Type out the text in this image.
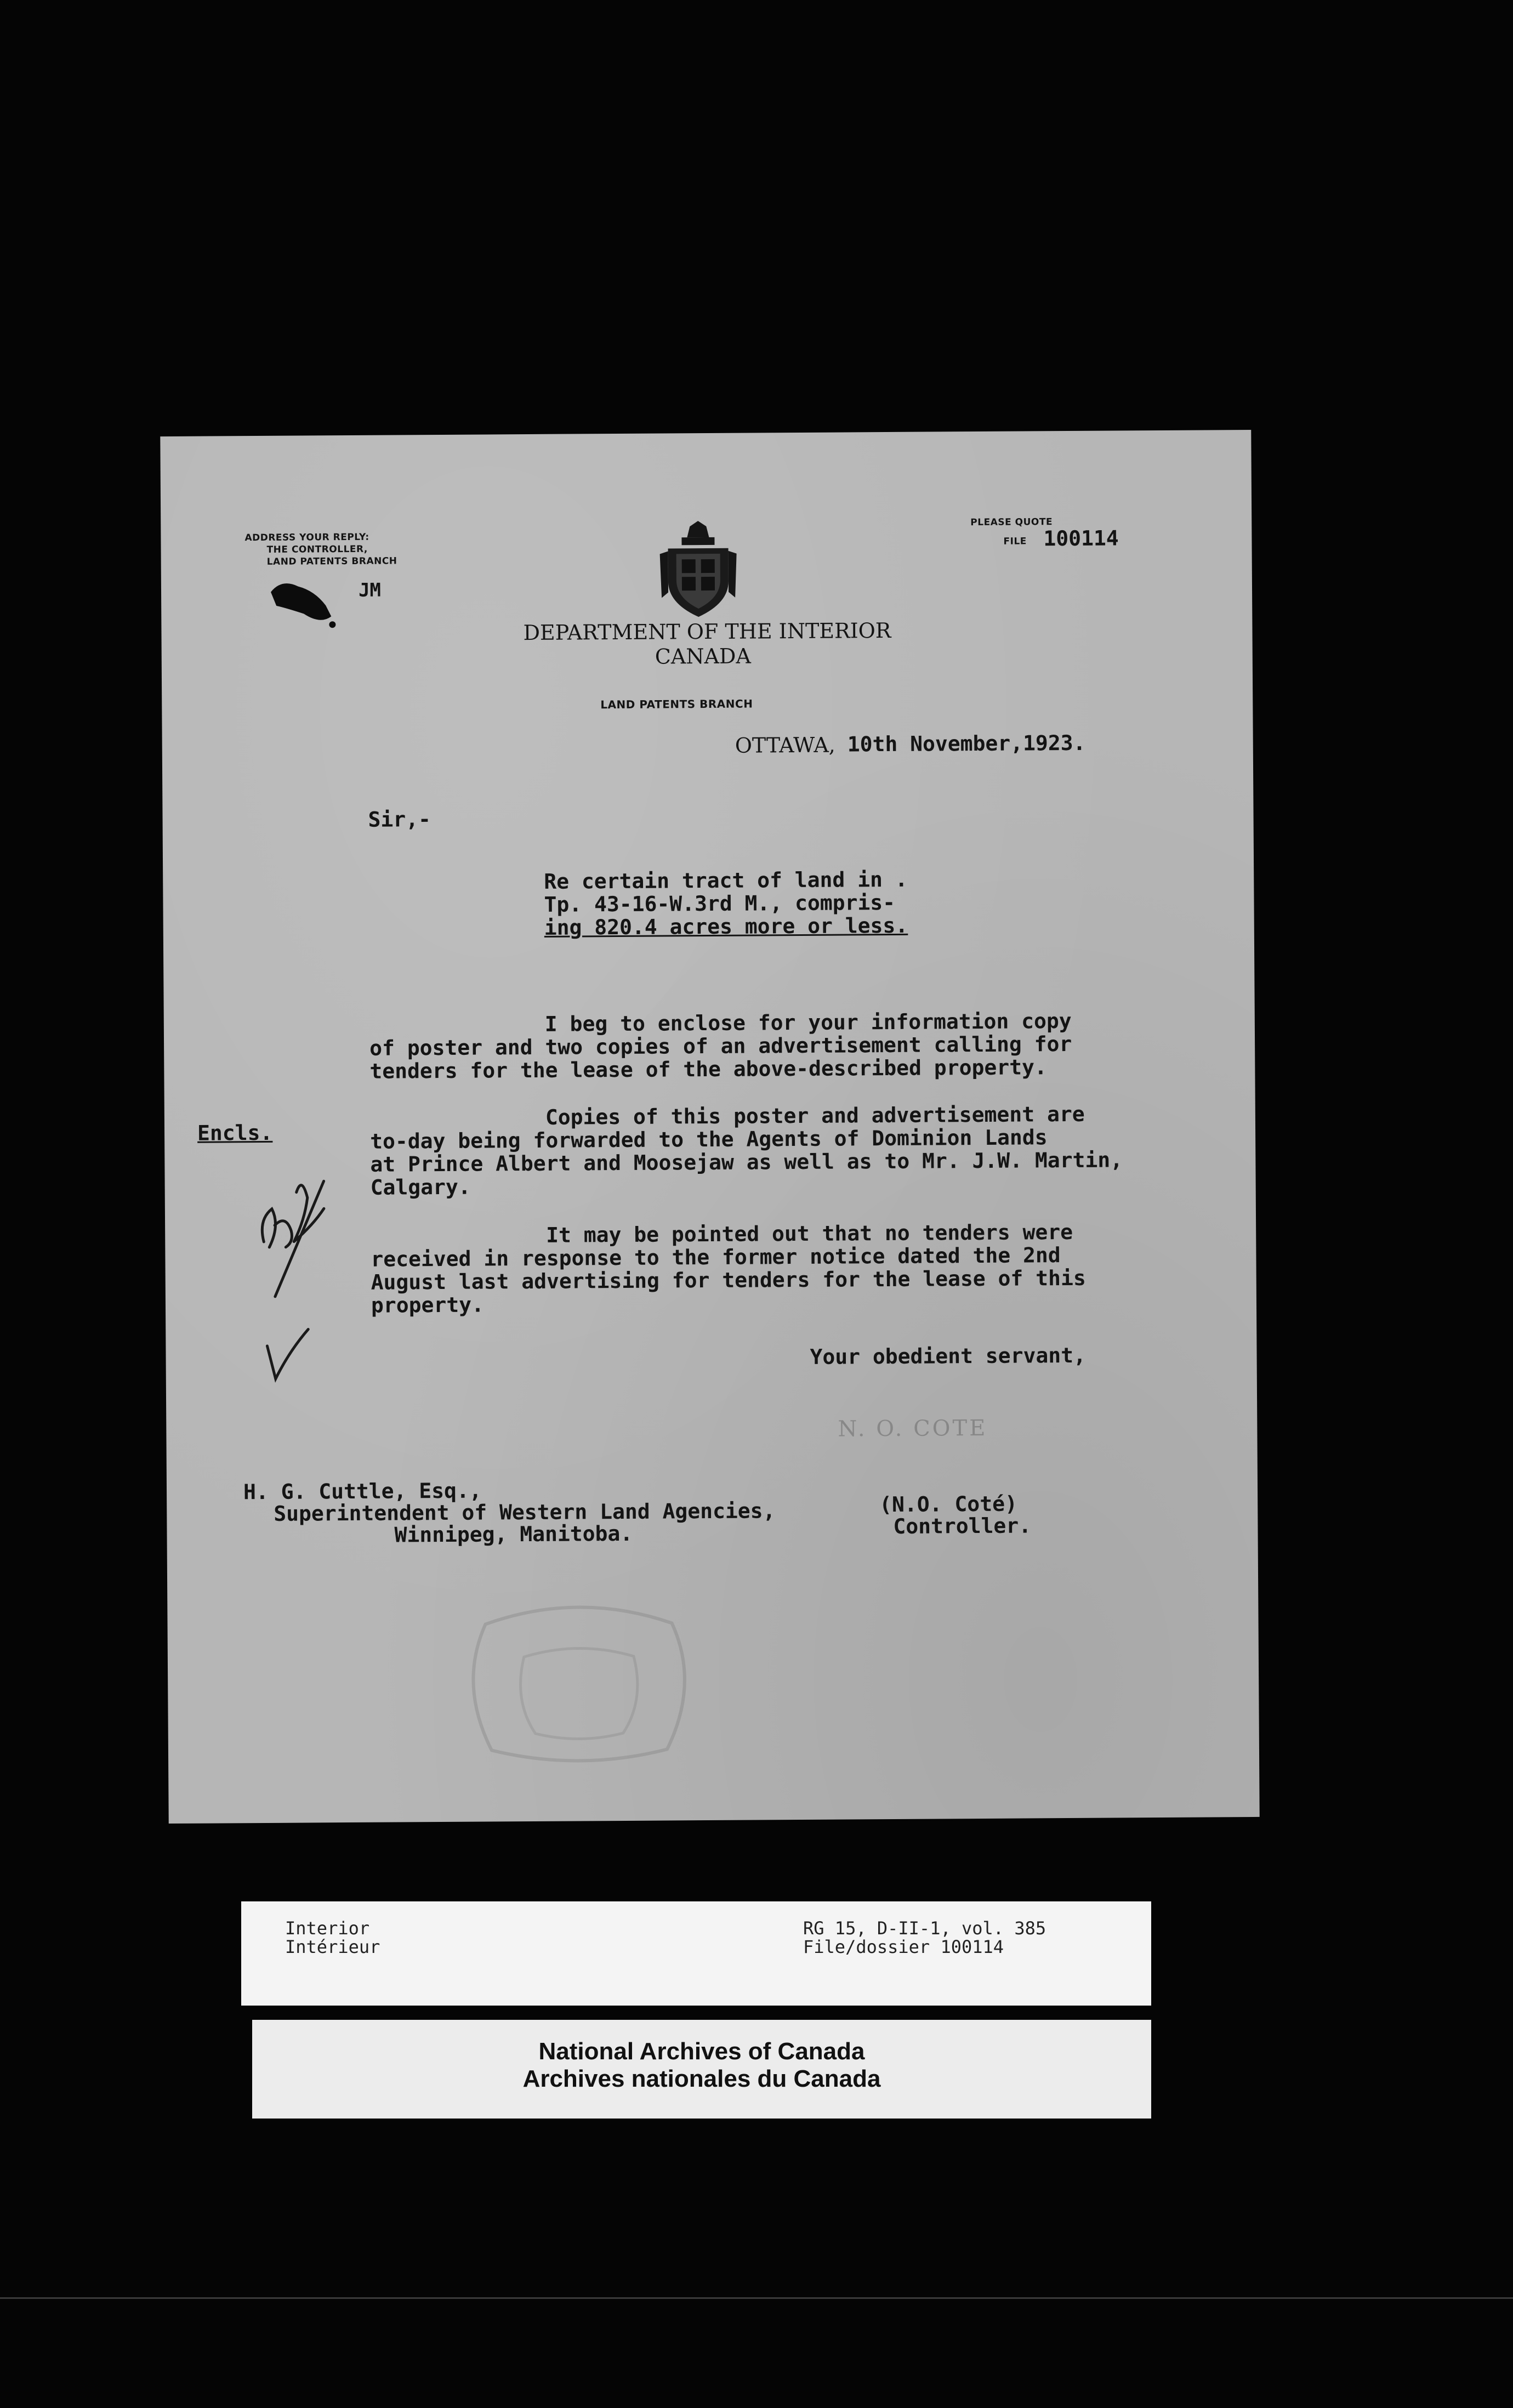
ADDRESS YOUR REPLY:
THE CONTROLLER,
LAND PATENTS BRANCH
JM
PLEASE QUOTE
FILE 100114
DEPARTMENT OF THE INTERIOR
CANADA
LAND PATENTS BRANCH
OTTAWA, 10th November,1923.
Sir,-
Re certain tract of land in .
Tp. 43-16-W.3rd M., compris-
ing 820.4 acres more or less.
I beg to enclose for your information copy
of poster and two copies of an advertisement calling for
tenders for the lease of the above-described property.
Encls.
Copies of this poster and advertisement are
to-day being forwarded to the Agents of Dominion Lands
at Prince Albert and Moosejaw as well as to Mr. J.W. Martin,
Calgary.
It may be pointed out that no tenders were
received in response to the former notice dated the 2nd
August last advertising for tenders for the lease of this
property.
Your obedient servant,
N. O. COTE
H. G. Cuttle, Esq.,
Superintendent of Western Land Agencies,
Winnipeg, Manitoba.
(N.O. Coté)
Controller.
Interior
Intérieur
RG 15, D-II-1, vol. 385
File/dossier 100114
National Archives of Canada
Archives nationales du Canada
